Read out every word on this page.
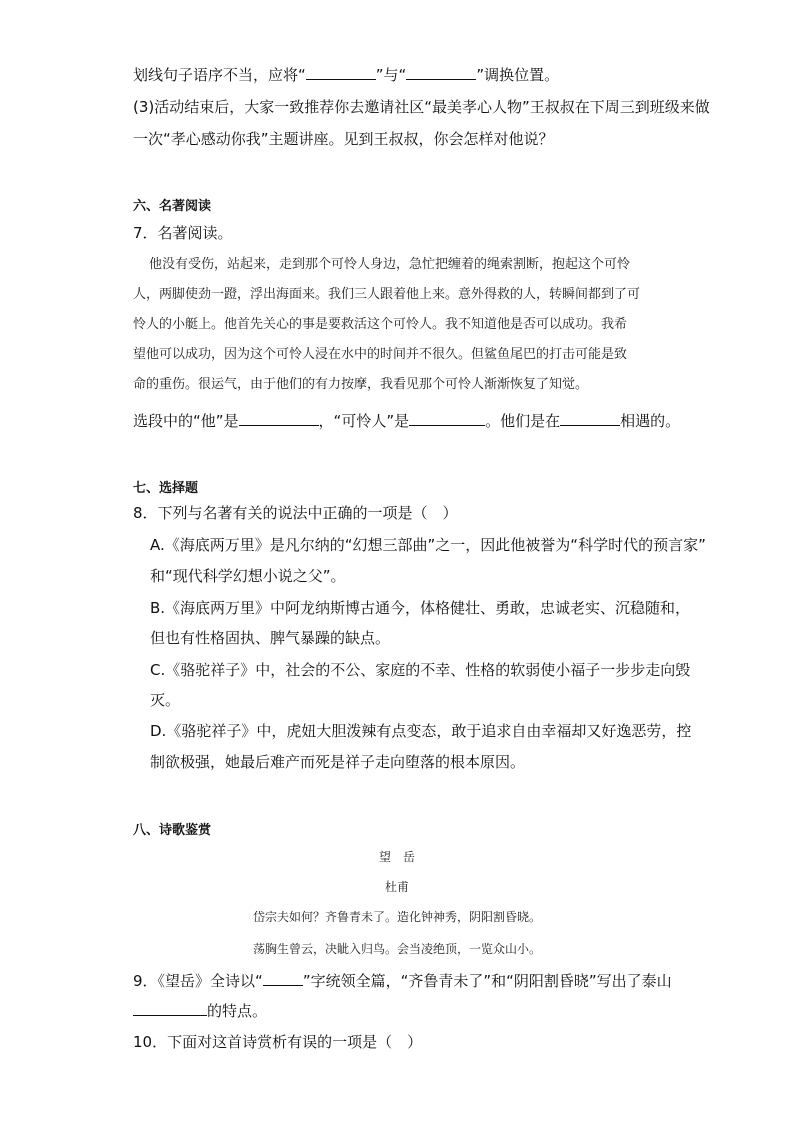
划线句子语序不当，应将“	”与“	”调换位置。
(3)活动结束后，大家一致推荐你去邀请社区“最美孝心人物”王叔叔在下周三到班级来做
一次“孝心感动你我”主题讲座。见到王叔叔，你会怎样对他说？
六、名著阅读
7．名著阅读。
他没有受伤，站起来，走到那个可怜人身边，急忙把缠着的绳索割断，抱起这个可怜
人，两脚使劲一蹬，浮出海面来。我们三人跟着他上来。意外得救的人，转瞬间都到了可
怜人的小艇上。他首先关心的事是要救活这个可怜人。我不知道他是否可以成功。我希
望他可以成功，因为这个可怜人浸在水中的时间并不很久。但鲨鱼尾巴的打击可能是致
命的重伤。很运气，由于他们的有力按摩，我看见那个可怜人渐渐恢复了知觉。
选段中的“他”是	，“可怜人”是	。他们是在	相遇的。
七、选择题
8．下列与名著有关的说法中正确的一项是（　）
A.《海底两万里》是凡尔纳的“幻想三部曲”之一，因此他被誉为“科学时代的预言家”
和“现代科学幻想小说之父”。
B.《海底两万里》中阿龙纳斯博古通今，体格健壮、勇敢，忠诚老实、沉稳随和，
但也有性格固执、脾气暴躁的缺点。
C.《骆驼祥子》中，社会的不公、家庭的不幸、性格的软弱使小福子一步步走向毁
灭。
D.《骆驼祥子》中，虎妞大胆泼辣有点变态，敢于追求自由幸福却又好逸恶劳，控
制欲极强，她最后难产而死是祥子走向堕落的根本原因。
八、诗歌鉴赏
望　岳
杜甫
岱宗夫如何？齐鲁青未了。造化钟神秀，阴阳割昏晓。
荡胸生曾云，决眦入归鸟。会当凌绝顶，一览众山小。
9．《望岳》全诗以“	”字统领全篇，“齐鲁青未了”和“阴阳割昏晓”写出了泰山
的特点。
10．下面对这首诗赏析有误的一项是（　）
